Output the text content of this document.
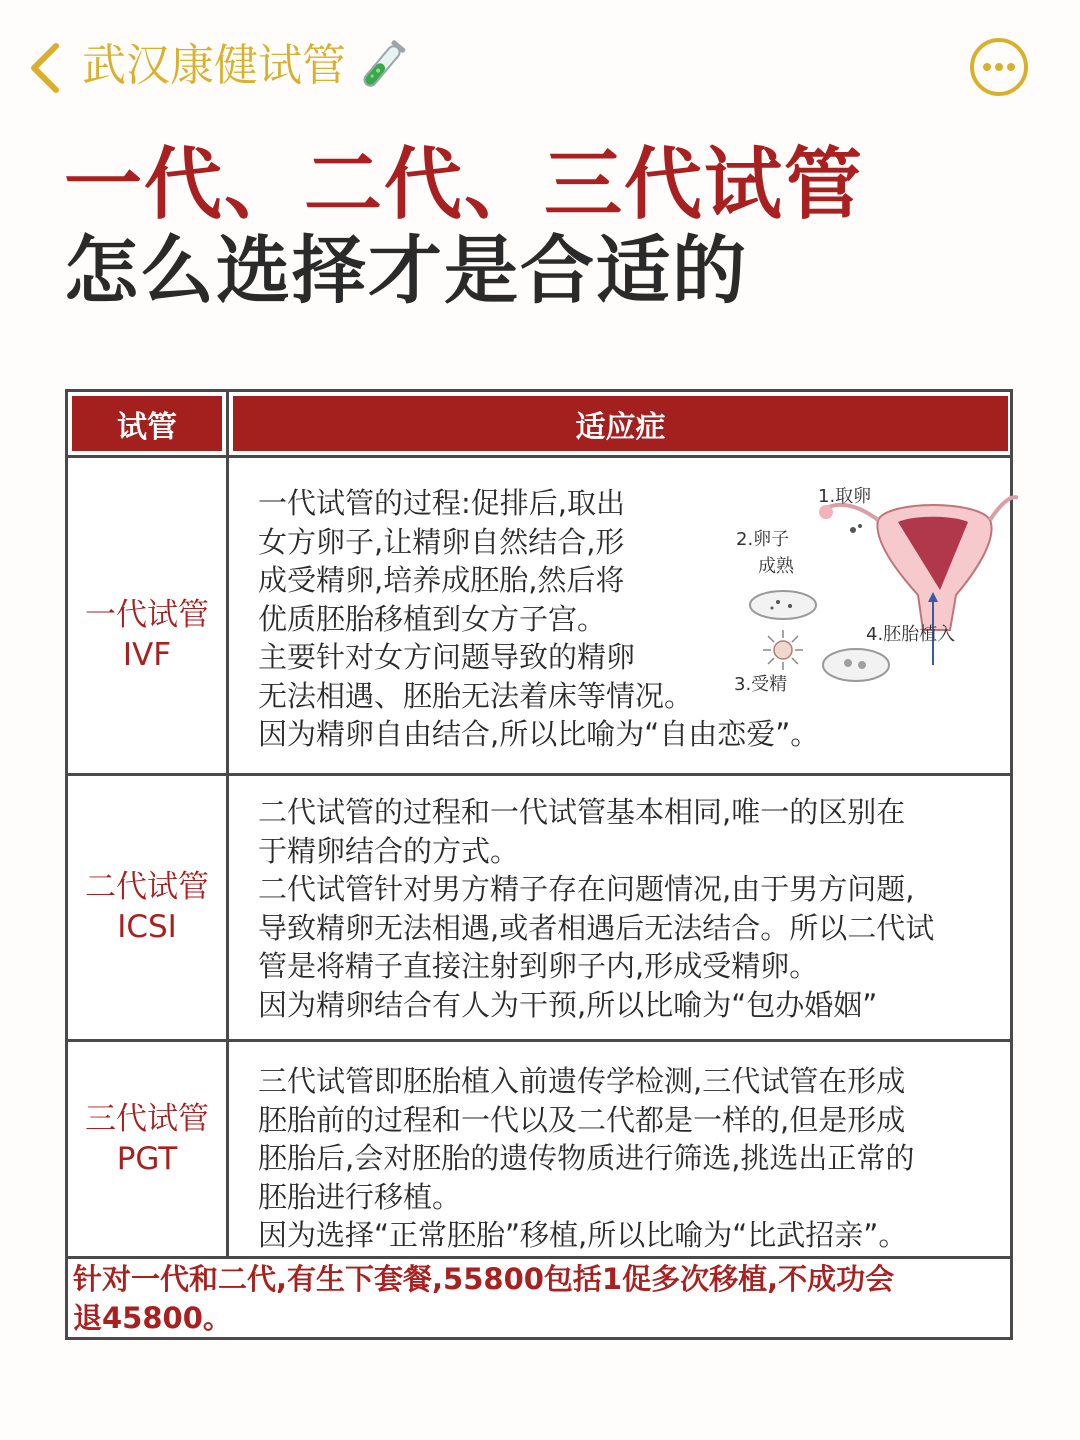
武汉康健试管
一代、二代、三代试管
怎么选择才是合适的
试管	适应症
一代试管
IVF

一代试管的过程:促排后,取出

女方卵子,让精卵自然结合,形

成受精卵,培养成胚胎,然后将

优质胚胎移植到女方子宫。

主要针对女方问题导致的精卵

无法相遇、胚胎无法着床等情况。

因为精卵自由结合,所以比喻为“自由恋爱”。

1.取卵
2.卵子
成熟
4.胚胎植入
3.受精
二代试管
ICSI

二代试管的过程和一代试管基本相同,唯一的区别在

于精卵结合的方式。

二代试管针对男方精子存在问题情况,由于男方问题,

导致精卵无法相遇,或者相遇后无法结合。所以二代试

管是将精子直接注射到卵子内,形成受精卵。

因为精卵结合有人为干预,所以比喻为“包办婚姻”

三代试管
PGT

三代试管即胚胎植入前遗传学检测,三代试管在形成

胚胎前的过程和一代以及二代都是一样的,但是形成

胚胎后,会对胚胎的遗传物质进行筛选,挑选出正常的

胚胎进行移植。

因为选择“正常胚胎”移植,所以比喻为“比武招亲”。

针对一代和二代,有生下套餐,55800包括1促多次移植,不成功会

退45800。
